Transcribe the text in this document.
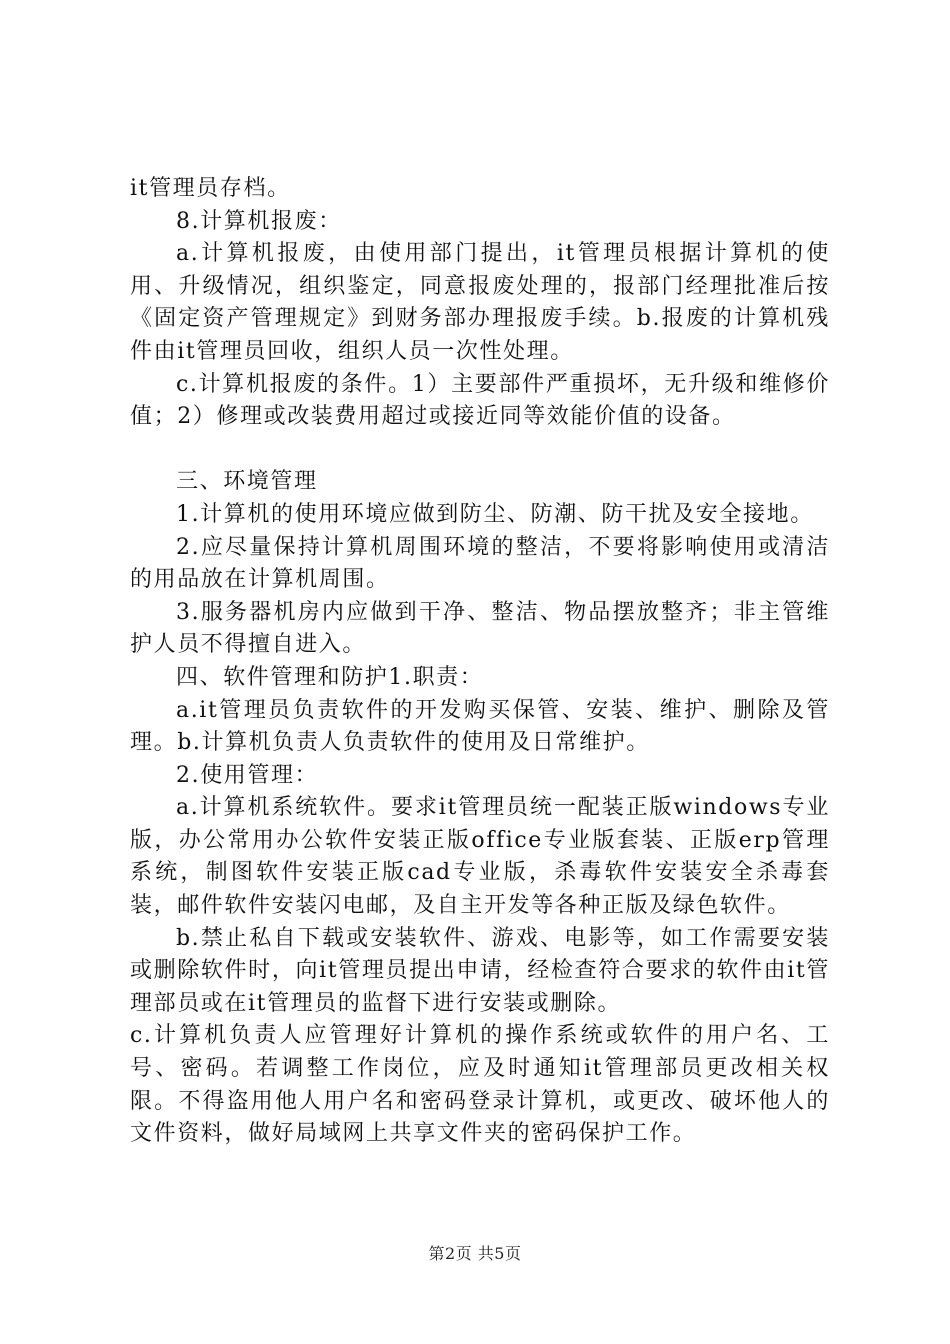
it管理员存档。

8.计算机报废：

a.计算机报废，由使用部门提出，it管理员根据计算机的使用、升级情况，组织鉴定，同意报废处理的，报部门经理批准后按《固定资产管理规定》到财务部办理报废手续。b.报废的计算机残件由it管理员回收，组织人员一次性处理。

c.计算机报废的条件。1）主要部件严重损坏，无升级和维修价值；2）修理或改装费用超过或接近同等效能价值的设备。

三、环境管理

1.计算机的使用环境应做到防尘、防潮、防干扰及安全接地。

2.应尽量保持计算机周围环境的整洁，不要将影响使用或清洁的用品放在计算机周围。

3.服务器机房内应做到干净、整洁、物品摆放整齐；非主管维护人员不得擅自进入。

四、软件管理和防护1.职责：

a.it管理员负责软件的开发购买保管、安装、维护、删除及管理。b.计算机负责人负责软件的使用及日常维护。

2.使用管理：

a.计算机系统软件。要求it管理员统一配装正版windows专业版，办公常用办公软件安装正版office专业版套装、正版erp管理系统，制图软件安装正版cad专业版，杀毒软件安装安全杀毒套装，邮件软件安装闪电邮，及自主开发等各种正版及绿色软件。

b.禁止私自下载或安装软件、游戏、电影等，如工作需要安装或删除软件时，向it管理员提出申请，经检查符合要求的软件由it管理部员或在it管理员的监督下进行安装或删除。

c.计算机负责人应管理好计算机的操作系统或软件的用户名、工号、密码。若调整工作岗位，应及时通知it管理部员更改相关权限。不得盗用他人用户名和密码登录计算机，或更改、破坏他人的文件资料，做好局域网上共享文件夹的密码保护工作。

第2页 共5页
